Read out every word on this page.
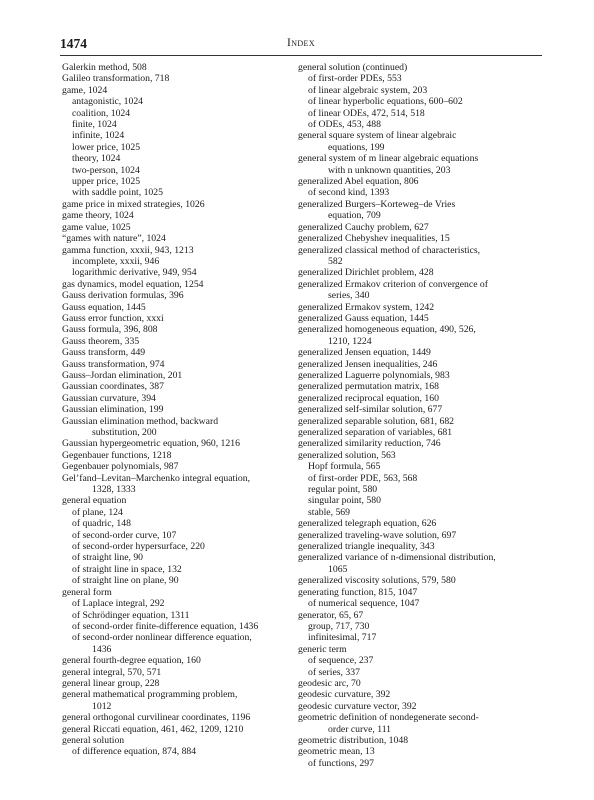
1474	Index
Galerkin method, 508
Galileo transformation, 718
game, 1024
antagonistic, 1024
coalition, 1024
finite, 1024
infinite, 1024
lower price, 1025
theory, 1024
two-person, 1024
upper price, 1025
with saddle point, 1025
game price in mixed strategies, 1026
game theory, 1024
game value, 1025
“games with nature”, 1024
gamma function, xxxii, 943, 1213
incomplete, xxxii, 946
logarithmic derivative, 949, 954
gas dynamics, model equation, 1254
Gauss derivation formulas, 396
Gauss equation, 1445
Gauss error function, xxxi
Gauss formula, 396, 808
Gauss theorem, 335
Gauss transform, 449
Gauss transformation, 974
Gauss–Jordan elimination, 201
Gaussian coordinates, 387
Gaussian curvature, 394
Gaussian elimination, 199
Gaussian elimination method, backward
substitution, 200
Gaussian hypergeometric equation, 960, 1216
Gegenbauer functions, 1218
Gegenbauer polynomials, 987
Gel’fand–Levitan–Marchenko integral equation,
1328, 1333
general equation
of plane, 124
of quadric, 148
of second-order curve, 107
of second-order hypersurface, 220
of straight line, 90
of straight line in space, 132
of straight line on plane, 90
general form
of Laplace integral, 292
of Schrödinger equation, 1311
of second-order finite-difference equation, 1436
of second-order nonlinear difference equation,
1436
general fourth-degree equation, 160
general integral, 570, 571
general linear group, 228
general mathematical programming problem,
1012
general orthogonal curvilinear coordinates, 1196
general Riccati equation, 461, 462, 1209, 1210
general solution
of difference equation, 874, 884
general solution (continued)
of first-order PDEs, 553
of linear algebraic system, 203
of linear hyperbolic equations, 600–602
of linear ODEs, 472, 514, 518
of ODEs, 453, 488
general square system of linear algebraic
equations, 199
general system of m linear algebraic equations
with n unknown quantities, 203
generalized Abel equation, 806
of second kind, 1393
generalized Burgers–Korteweg–de Vries
equation, 709
generalized Cauchy problem, 627
generalized Chebyshev inequalities, 15
generalized classical method of characteristics,
582
generalized Dirichlet problem, 428
generalized Ermakov criterion of convergence of
series, 340
generalized Ermakov system, 1242
generalized Gauss equation, 1445
generalized homogeneous equation, 490, 526,
1210, 1224
generalized Jensen equation, 1449
generalized Jensen inequalities, 246
generalized Laguerre polynomials, 983
generalized permutation matrix, 168
generalized reciprocal equation, 160
generalized self-similar solution, 677
generalized separable solution, 681, 682
generalized separation of variables, 681
generalized similarity reduction, 746
generalized solution, 563
Hopf formula, 565
of first-order PDE, 563, 568
regular point, 580
singular point, 580
stable, 569
generalized telegraph equation, 626
generalized traveling-wave solution, 697
generalized triangle inequality, 343
generalized variance of n-dimensional distribution,
1065
generalized viscosity solutions, 579, 580
generating function, 815, 1047
of numerical sequence, 1047
generator, 65, 67
group, 717, 730
infinitesimal, 717
generic term
of sequence, 237
of series, 337
geodesic arc, 70
geodesic curvature, 392
geodesic curvature vector, 392
geometric definition of nondegenerate second-
order curve, 111
geometric distribution, 1048
geometric mean, 13
of functions, 297
